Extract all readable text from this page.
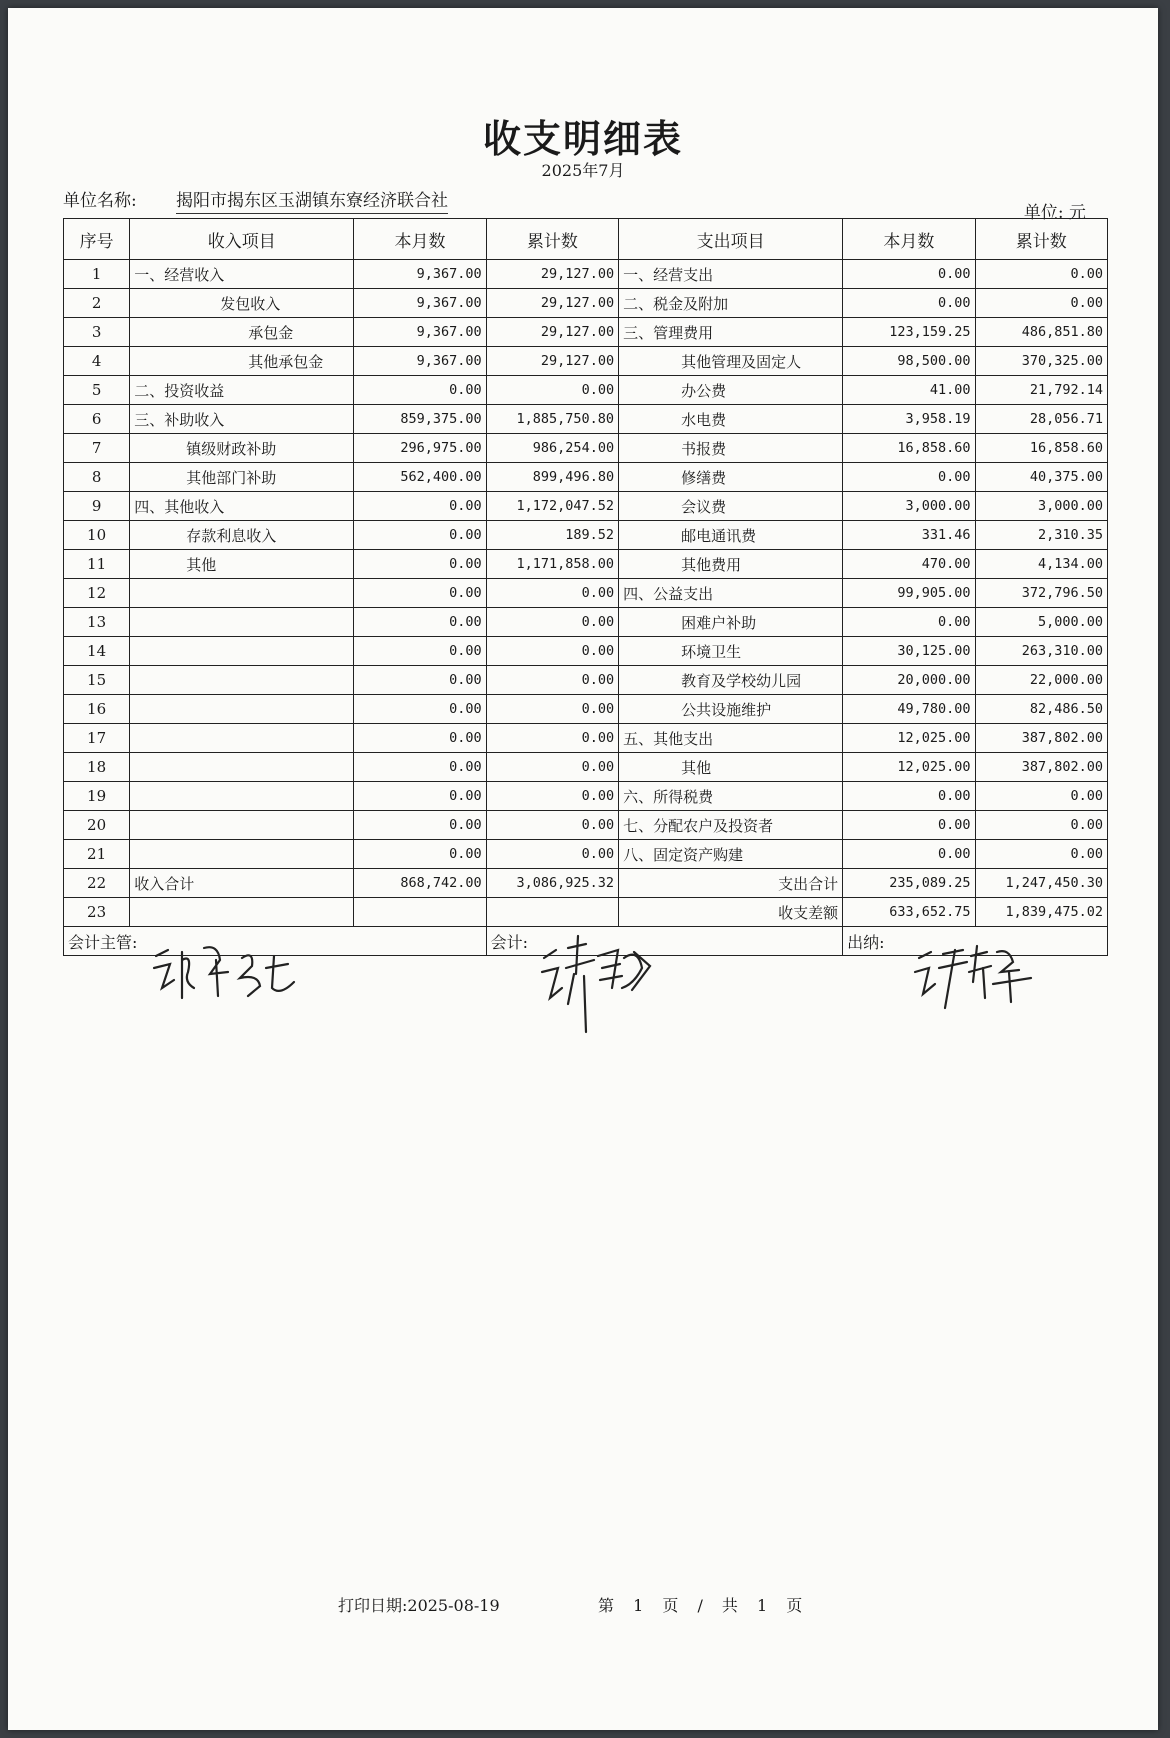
收支明细表
2025年7月
单位名称: 揭阳市揭东区玉湖镇东寮经济联合社
单位: 元
序号	收入项目	本月数	累计数	支出项目	本月数	累计数
1	一、经营收入	9,367.00	29,127.00	一、经营支出	0.00	0.00
2	发包收入	9,367.00	29,127.00	二、税金及附加	0.00	0.00
3	承包金	9,367.00	29,127.00	三、管理费用	123,159.25	486,851.80
4	其他承包金	9,367.00	29,127.00	其他管理及固定人	98,500.00	370,325.00
5	二、投资收益	0.00	0.00	办公费	41.00	21,792.14
6	三、补助收入	859,375.00	1,885,750.80	水电费	3,958.19	28,056.71
7	镇级财政补助	296,975.00	986,254.00	书报费	16,858.60	16,858.60
8	其他部门补助	562,400.00	899,496.80	修缮费	0.00	40,375.00
9	四、其他收入	0.00	1,172,047.52	会议费	3,000.00	3,000.00
10	存款利息收入	0.00	189.52	邮电通讯费	331.46	2,310.35
11	其他	0.00	1,171,858.00	其他费用	470.00	4,134.00
12		0.00	0.00	四、公益支出	99,905.00	372,796.50
13		0.00	0.00	困难户补助	0.00	5,000.00
14		0.00	0.00	环境卫生	30,125.00	263,310.00
15		0.00	0.00	教育及学校幼儿园	20,000.00	22,000.00
16		0.00	0.00	公共设施维护	49,780.00	82,486.50
17		0.00	0.00	五、其他支出	12,025.00	387,802.00
18		0.00	0.00	其他	12,025.00	387,802.00
19		0.00	0.00	六、所得税费	0.00	0.00
20		0.00	0.00	七、分配农户及投资者	0.00	0.00
21		0.00	0.00	八、固定资产购建	0.00	0.00
22	收入合计	868,742.00	3,086,925.32	支出合计	235,089.25	1,247,450.30
23				收支差额	633,652.75	1,839,475.02
会计主管:			会计:		出纳:	
打印日期:2025-08-19	第 1 页 / 共 1 页
